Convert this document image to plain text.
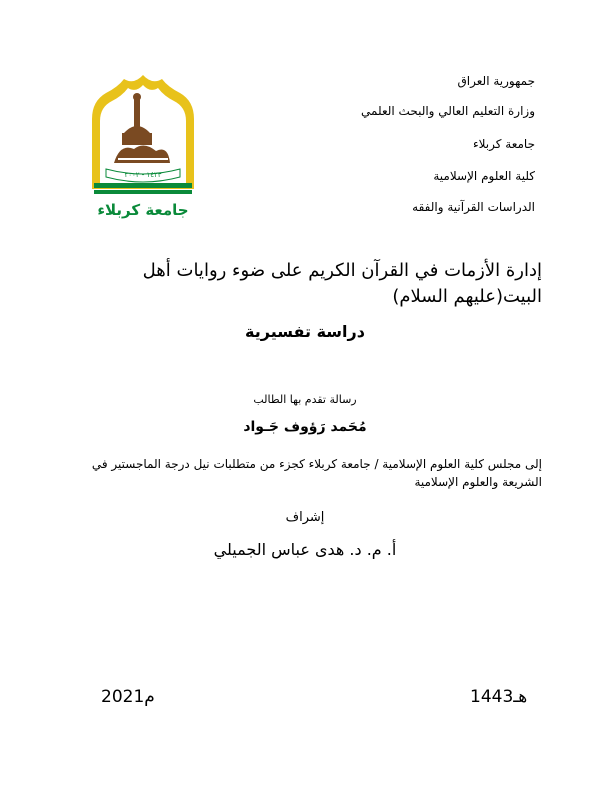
جمهورية العراق
وزارة التعليم العالي والبحث العلمي
جامعة كربلاء
كلية العلوم الإسلامية
الدراسات القرآنية والفقه
١٤٢٣ - ٢٠٠٢
جامعة كربلاء
إدارة الأزمات في القرآن الكريم على ضوء روايات أهل البيت(عليهم السلام)
دراسة تفسيرية
رسالة تقدم بها الطالب
مُحَمد رَؤوف جَـواد
إلى مجلس كلية العلوم الإسلامية / جامعة كربلاء كجزء من متطلبات نيل درجة الماجستير في الشريعة والعلوم الإسلامية
إشراف
أ. م. د. هدى عباس الجميلي
2021م	1443هـ
